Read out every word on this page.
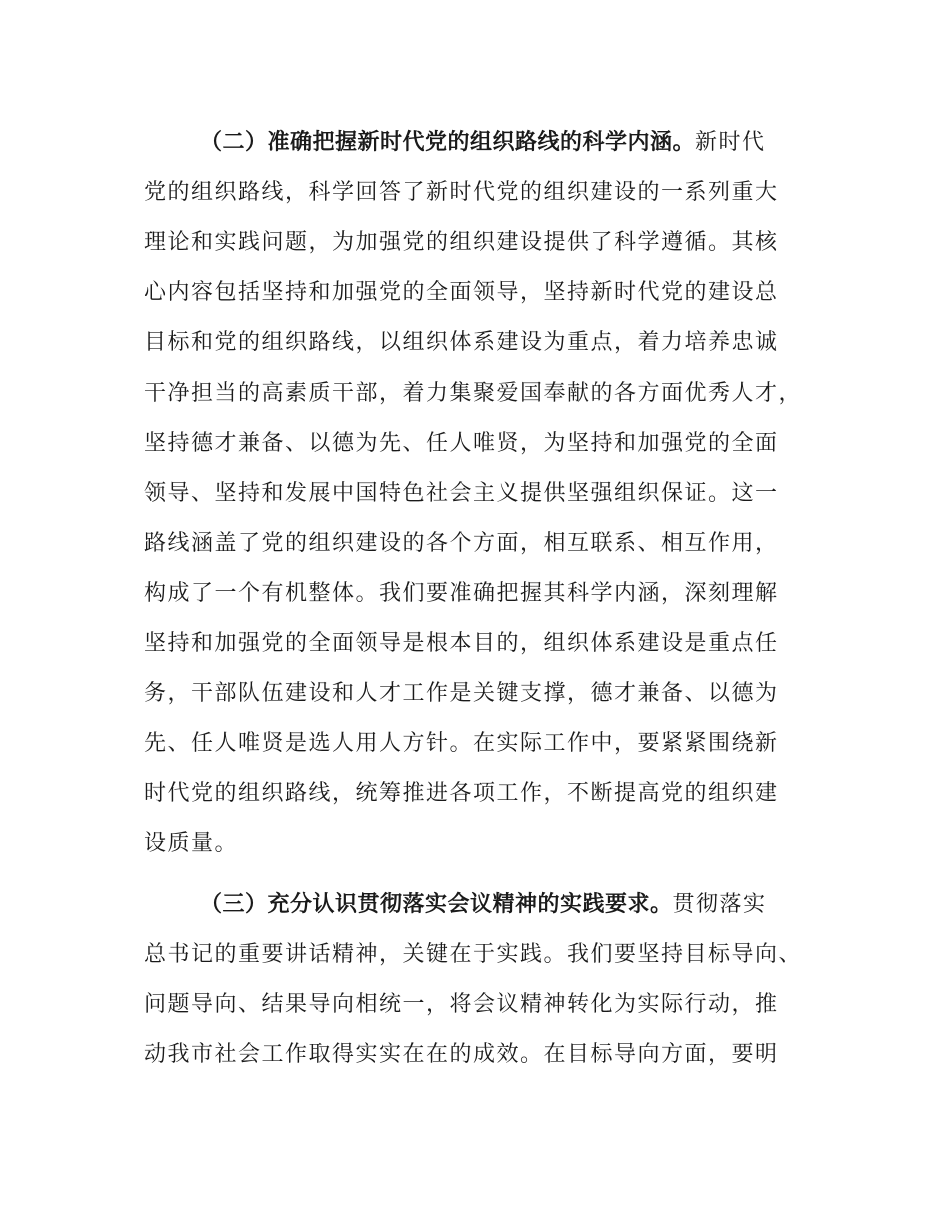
（二）准确把握新时代党的组织路线的科学内涵。新时代
党的组织路线，科学回答了新时代党的组织建设的一系列重大
理论和实践问题，为加强党的组织建设提供了科学遵循。其核
心内容包括坚持和加强党的全面领导，坚持新时代党的建设总
目标和党的组织路线，以组织体系建设为重点，着力培养忠诚
干净担当的高素质干部，着力集聚爱国奉献的各方面优秀人才，
坚持德才兼备、以德为先、任人唯贤，为坚持和加强党的全面
领导、坚持和发展中国特色社会主义提供坚强组织保证。这一
路线涵盖了党的组织建设的各个方面，相互联系、相互作用，
构成了一个有机整体。我们要准确把握其科学内涵，深刻理解
坚持和加强党的全面领导是根本目的，组织体系建设是重点任
务，干部队伍建设和人才工作是关键支撑，德才兼备、以德为
先、任人唯贤是选人用人方针。在实际工作中，要紧紧围绕新
时代党的组织路线，统筹推进各项工作，不断提高党的组织建
设质量。
（三）充分认识贯彻落实会议精神的实践要求。贯彻落实
总书记的重要讲话精神，关键在于实践。我们要坚持目标导向、
问题导向、结果导向相统一，将会议精神转化为实际行动，推
动我市社会工作取得实实在在的成效。在目标导向方面，要明
